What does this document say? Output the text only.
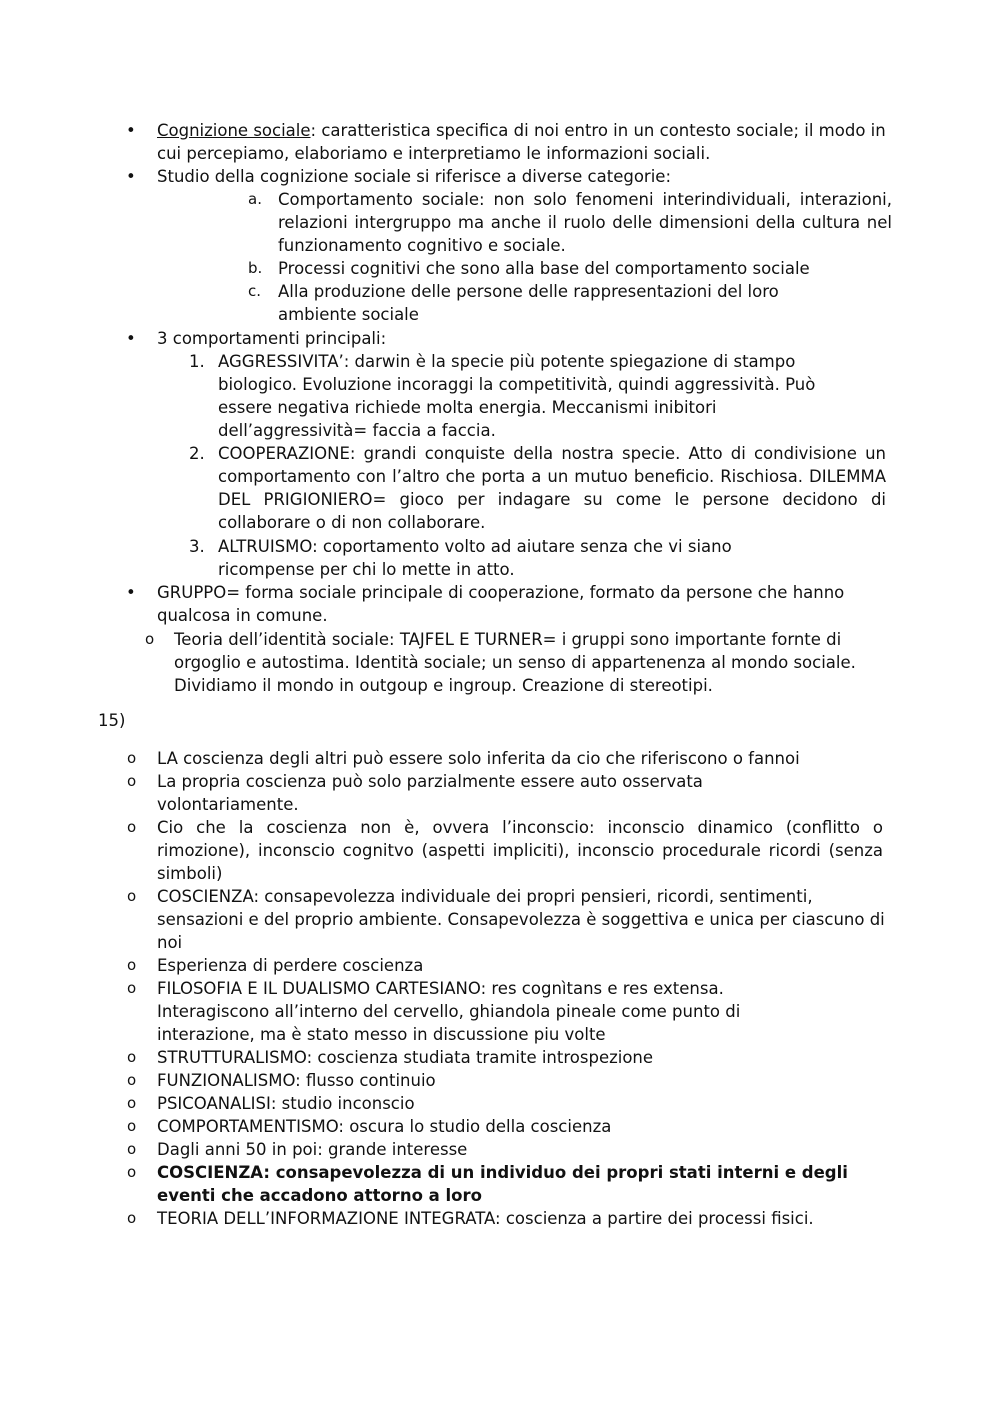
• Cognizione sociale: caratteristica specifica di noi entro in un contesto sociale; il modo in cui percepiamo, elaboriamo e interpretiamo le informazioni sociali.

• Studio della cognizione sociale si riferisce a diverse categorie:

a. Comportamento sociale: non solo fenomeni interindividuali, interazioni, relazioni intergruppo ma anche il ruolo delle dimensioni della cultura nel funzionamento cognitivo e sociale.

b. Processi cognitivi che sono alla base del comportamento sociale

c. Alla produzione delle persone delle rappresentazioni del loro ambiente sociale

• 3 comportamenti principali:

1. AGGRESSIVITA’: darwin è la specie più potente spiegazione di stampo biologico. Evoluzione incoraggi la competitività, quindi aggressività. Può essere negativa richiede molta energia. Meccanismi inibitori dell’aggressività= faccia a faccia.

2. COOPERAZIONE: grandi conquiste della nostra specie. Atto di condivisione un comportamento con l’altro che porta a un mutuo beneficio. Rischiosa. DILEMMA DEL PRIGIONIERO= gioco per indagare su come le persone decidono di collaborare o di non collaborare.

3. ALTRUISMO: coportamento volto ad aiutare senza che vi siano ricompense per chi lo mette in atto.

• GRUPPO= forma sociale principale di cooperazione, formato da persone che hanno qualcosa in comune.

o Teoria dell’identità sociale: TAJFEL E TURNER= i gruppi sono importante fornte di orgoglio e autostima. Identità sociale; un senso di appartenenza al mondo sociale. Dividiamo il mondo in outgoup e ingroup. Creazione di stereotipi.

15)

o LA coscienza degli altri può essere solo inferita da cio che riferiscono o fannoi

o La propria coscienza può solo parzialmente essere auto osservata volontariamente.

o Cio che la coscienza non è, ovvera l’inconscio: inconscio dinamico (conflitto o rimozione), inconscio cognitvo (aspetti impliciti), inconscio procedurale ricordi (senza simboli)

o COSCIENZA: consapevolezza individuale dei propri pensieri, ricordi, sentimenti, sensazioni e del proprio ambiente. Consapevolezza è soggettiva e unica per ciascuno di noi

o Esperienza di perdere coscienza

o FILOSOFIA E IL DUALISMO CARTESIANO: res cognìtans e res extensa. Interagiscono all’interno del cervello, ghiandola pineale come punto di interazione, ma è stato messo in discussione piu volte

o STRUTTURALISMO: coscienza studiata tramite introspezione

o FUNZIONALISMO: flusso continuio

o PSICOANALISI: studio inconscio

o COMPORTAMENTISMO: oscura lo studio della coscienza

o Dagli anni 50 in poi: grande interesse

o COSCIENZA: consapevolezza di un individuo dei propri stati interni e degli eventi che accadono attorno a loro

o TEORIA DELL’INFORMAZIONE INTEGRATA: coscienza a partire dei processi fisici.
